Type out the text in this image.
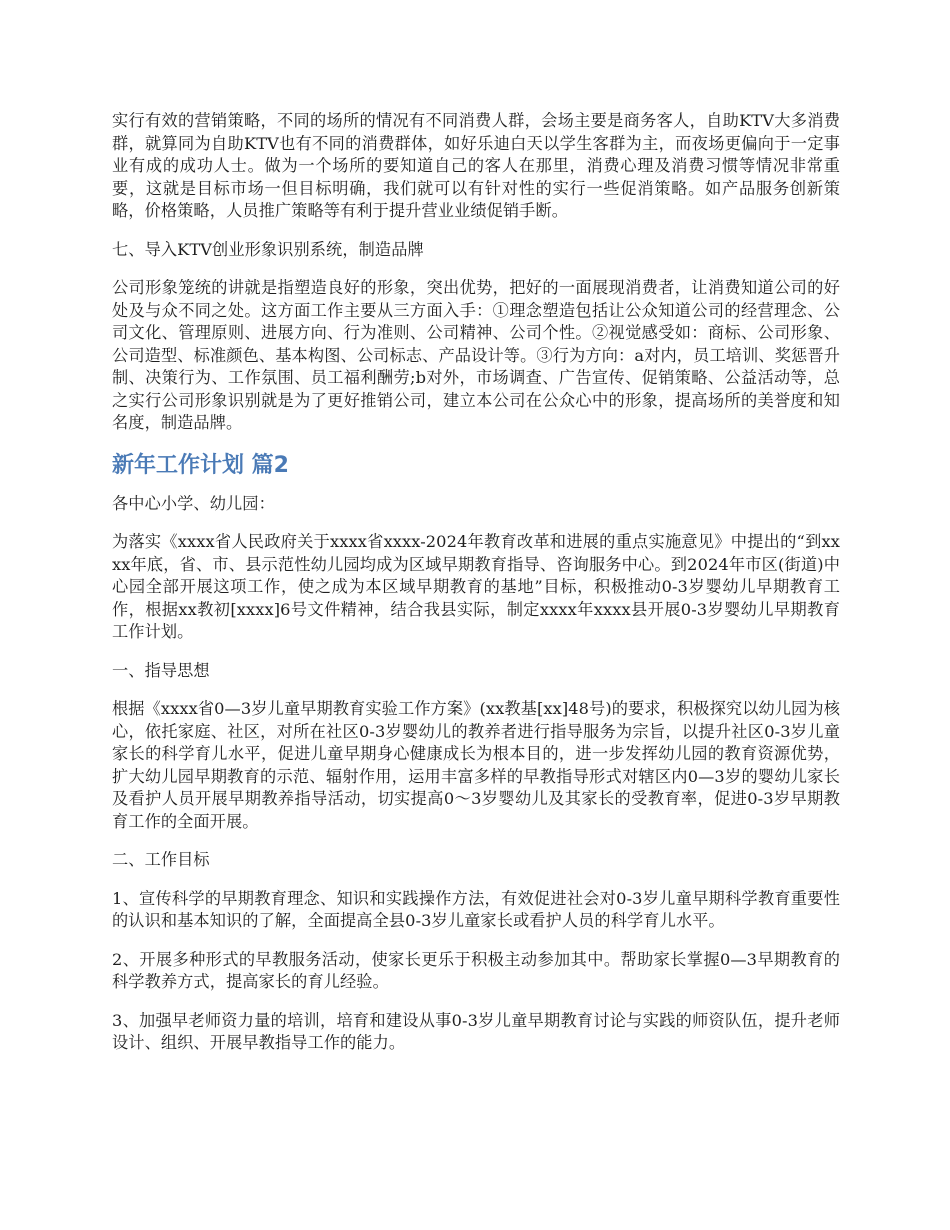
实行有效的营销策略，不同的场所的情况有不同消费人群，会场主要是商务客人，自助KTV大多消费群，就算同为自助KTV也有不同的消费群体，如好乐迪白天以学生客群为主，而夜场更偏向于一定事业有成的成功人士。做为一个场所的要知道自己的客人在那里，消费心理及消费习惯等情况非常重要，这就是目标市场一但目标明确，我们就可以有针对性的实行一些促消策略。如产品服务创新策略，价格策略，人员推广策略等有利于提升营业业绩促销手断。

七、导入KTV创业形象识别系统，制造品牌

公司形象笼统的讲就是指塑造良好的形象，突出优势，把好的一面展现消费者，让消费知道公司的好处及与众不同之处。这方面工作主要从三方面入手：①理念塑造包括让公众知道公司的经营理念、公司文化、管理原则、进展方向、行为准则、公司精神、公司个性。②视觉感受如：商标、公司形象、公司造型、标准颜色、基本构图、公司标志、产品设计等。③行为方向：a对内，员工培训、奖惩晋升制、决策行为、工作氛围、员工福利酬劳;b对外，市场调查、广告宣传、促销策略、公益活动等，总之实行公司形象识别就是为了更好推销公司，建立本公司在公众心中的形象，提高场所的美誉度和知名度，制造品牌。

新年工作计划 篇2

各中心小学、幼儿园：

为落实《xxxx省人民政府关于xxxx省xxxx-2024年教育改革和进展的重点实施意见》中提出的“到xxxx年底，省、市、县示范性幼儿园均成为区域早期教育指导、咨询服务中心。到2024年市区(街道)中心园全部开展这项工作，使之成为本区域早期教育的基地”目标，积极推动0-3岁婴幼儿早期教育工作，根据xx教初[xxxx]6号文件精神，结合我县实际，制定xxxx年xxxx县开展0-3岁婴幼儿早期教育工作计划。

一、指导思想

根据《xxxx省0—3岁儿童早期教育实验工作方案》(xx教基[xx]48号)的要求，积极探究以幼儿园为核心，依托家庭、社区，对所在社区0-3岁婴幼儿的教养者进行指导服务为宗旨，以提升社区0-3岁儿童家长的科学育儿水平，促进儿童早期身心健康成长为根本目的，进一步发挥幼儿园的教育资源优势，扩大幼儿园早期教育的示范、辐射作用，运用丰富多样的早教指导形式对辖区内0—3岁的婴幼儿家长及看护人员开展早期教养指导活动，切实提高0～3岁婴幼儿及其家长的受教育率，促进0-3岁早期教育工作的全面开展。

二、工作目标

1、宣传科学的早期教育理念、知识和实践操作方法，有效促进社会对0-3岁儿童早期科学教育重要性的认识和基本知识的了解，全面提高全县0-3岁儿童家长或看护人员的科学育儿水平。

2、开展多种形式的早教服务活动，使家长更乐于积极主动参加其中。帮助家长掌握0—3早期教育的科学教养方式，提高家长的育儿经验。

3、加强早老师资力量的培训，培育和建设从事0-3岁儿童早期教育讨论与实践的师资队伍，提升老师设计、组织、开展早教指导工作的能力。
